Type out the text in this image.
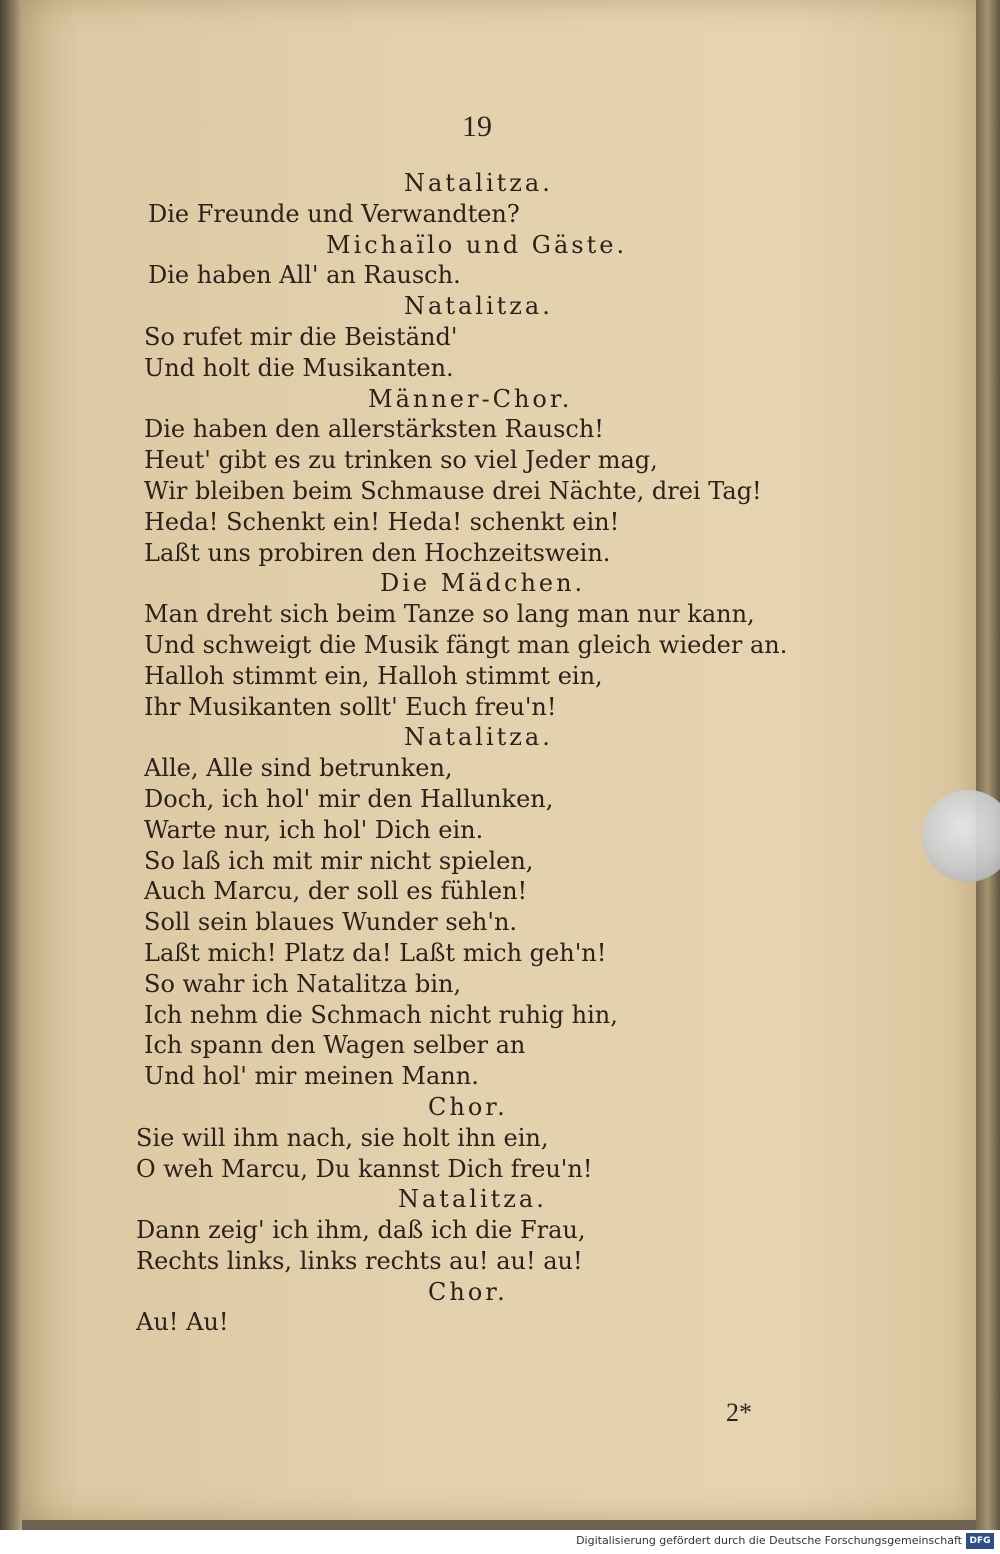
19
Natalitza.
Die Freunde und Verwandten?
Michaïlo und Gäste.
Die haben All' an Rausch.
Natalitza.
So rufet mir die Beiständ'
Und holt die Musikanten.
Männer-Chor.
Die haben den allerstärksten Rausch!
Heut' gibt es zu trinken so viel Jeder mag,
Wir bleiben beim Schmause drei Nächte, drei Tag!
Heda! Schenkt ein! Heda! schenkt ein!
Laßt uns probiren den Hochzeitswein.
Die Mädchen.
Man dreht sich beim Tanze so lang man nur kann,
Und schweigt die Musik fängt man gleich wieder an.
Halloh stimmt ein, Halloh stimmt ein,
Ihr Musikanten sollt' Euch freu'n!
Natalitza.
Alle, Alle sind betrunken,
Doch, ich hol' mir den Hallunken,
Warte nur, ich hol' Dich ein.
So laß ich mit mir nicht spielen,
Auch Marcu, der soll es fühlen!
Soll sein blaues Wunder seh'n.
Laßt mich! Platz da! Laßt mich geh'n!
So wahr ich Natalitza bin,
Ich nehm die Schmach nicht ruhig hin,
Ich spann den Wagen selber an
Und hol' mir meinen Mann.
Chor.
Sie will ihm nach, sie holt ihn ein,
O weh Marcu, Du kannst Dich freu'n!
Natalitza.
Dann zeig' ich ihm, daß ich die Frau,
Rechts links, links rechts au! au! au!
Chor.
Au! Au!
2*
Digitalisierung gefördert durch die Deutsche Forschungsgemeinschaft DFG
